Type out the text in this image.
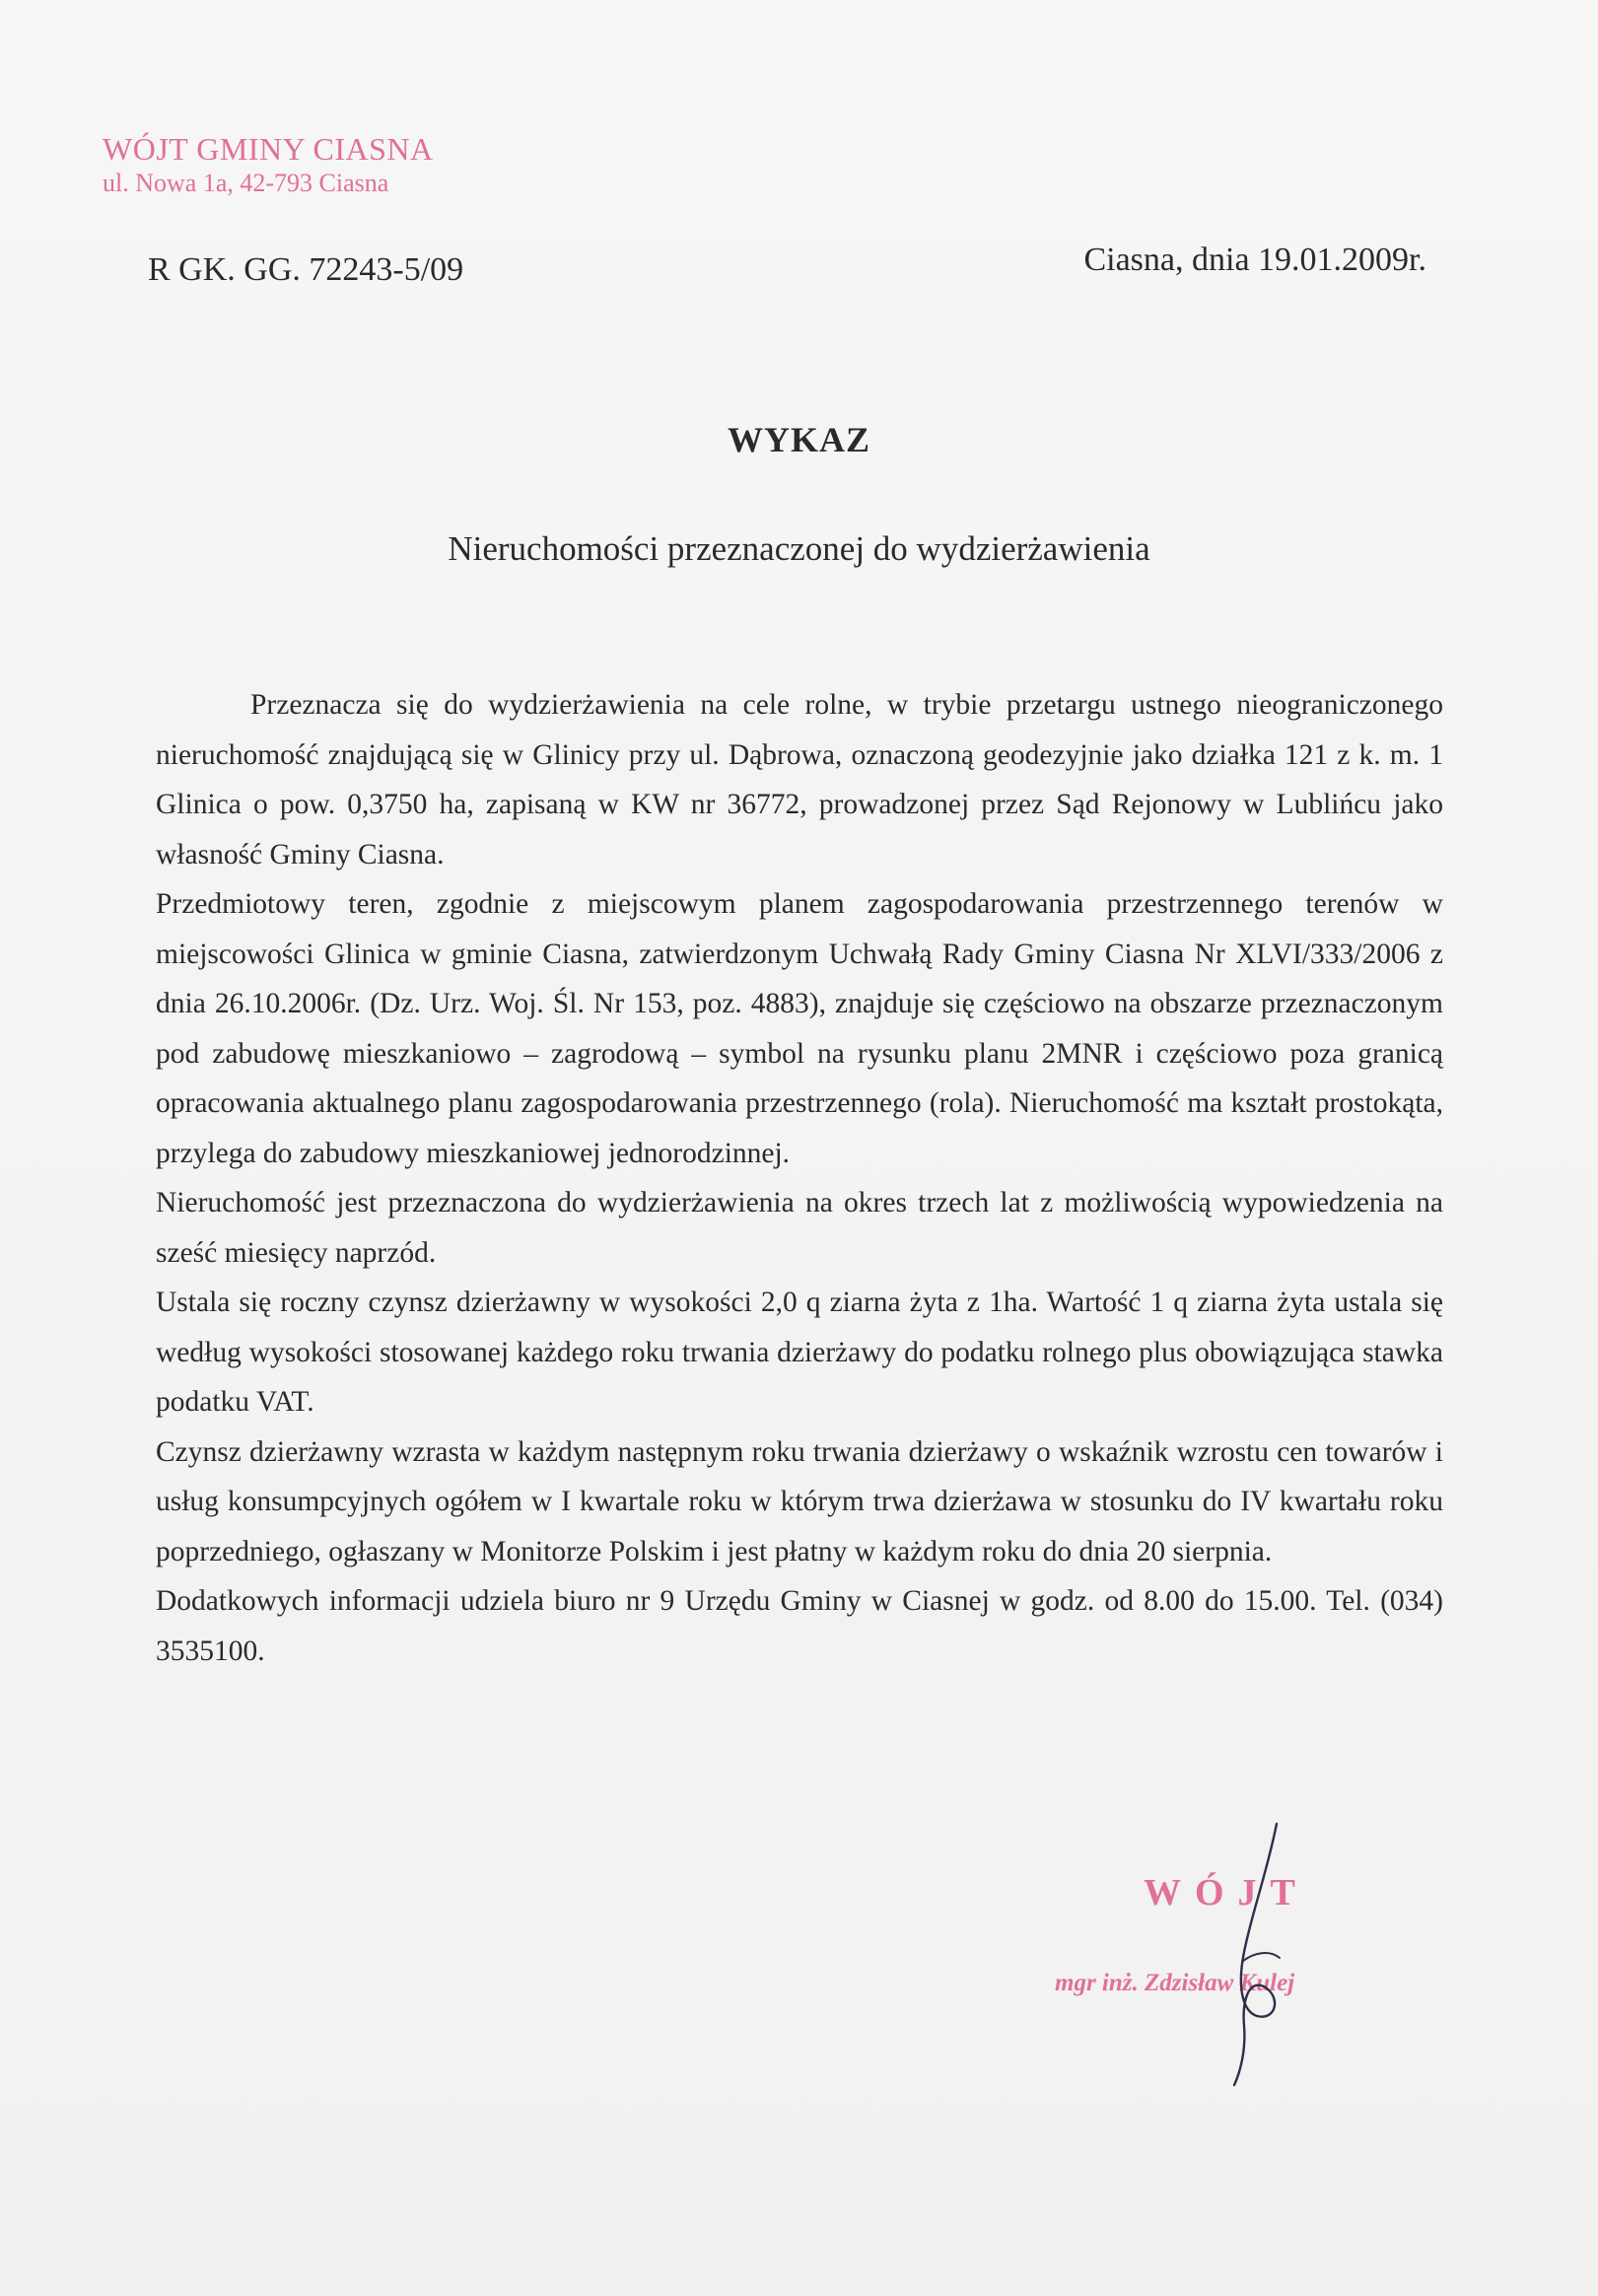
WÓJT GMINY CIASNA
ul. Nowa 1a, 42-793 Ciasna
R GK. GG. 72243-5/09	Ciasna, dnia 19.01.2009r.
WYKAZ
Nieruchomości przeznaczonej do wydzierżawienia

Przeznacza się do wydzierżawienia na cele rolne, w trybie przetargu ustnego nieograniczonego nieruchomość znajdującą się w Glinicy przy ul. Dąbrowa, oznaczoną geodezyjnie jako działka 121 z k. m. 1 Glinica o pow. 0,3750 ha, zapisaną w KW nr 36772, prowadzonej przez Sąd Rejonowy w Lublińcu jako własność Gminy Ciasna.

Przedmiotowy teren, zgodnie z miejscowym planem zagospodarowania przestrzennego terenów w miejscowości Glinica w gminie Ciasna, zatwierdzonym Uchwałą Rady Gminy Ciasna Nr XLVI/333/2006 z dnia 26.10.2006r. (Dz. Urz. Woj. Śl. Nr 153, poz. 4883), znajduje się częściowo na obszarze przeznaczonym pod zabudowę mieszkaniowo – zagrodową – symbol na rysunku planu 2MNR i częściowo poza granicą opracowania aktualnego planu zagospodarowania przestrzennego (rola). Nieruchomość ma kształt prostokąta, przylega do zabudowy mieszkaniowej jednorodzinnej.

Nieruchomość jest przeznaczona do wydzierżawienia na okres trzech lat z możliwością wypowiedzenia na sześć miesięcy naprzód.

Ustala się roczny czynsz dzierżawny w wysokości 2,0 q ziarna żyta z 1ha. Wartość 1 q ziarna żyta ustala się według wysokości stosowanej każdego roku trwania dzierżawy do podatku rolnego plus obowiązująca stawka podatku VAT.

Czynsz dzierżawny wzrasta w każdym następnym roku trwania dzierżawy o wskaźnik wzrostu cen towarów i usług konsumpcyjnych ogółem w I kwartale roku w którym trwa dzierżawa w stosunku do IV kwartału roku poprzedniego, ogłaszany w Monitorze Polskim i jest płatny w każdym roku do dnia 20 sierpnia.

Dodatkowych informacji udziela biuro nr 9 Urzędu Gminy w Ciasnej w godz. od 8.00 do 15.00. Tel. (034) 3535100.

WÓJT
mgr inż. Zdzisław Kulej
